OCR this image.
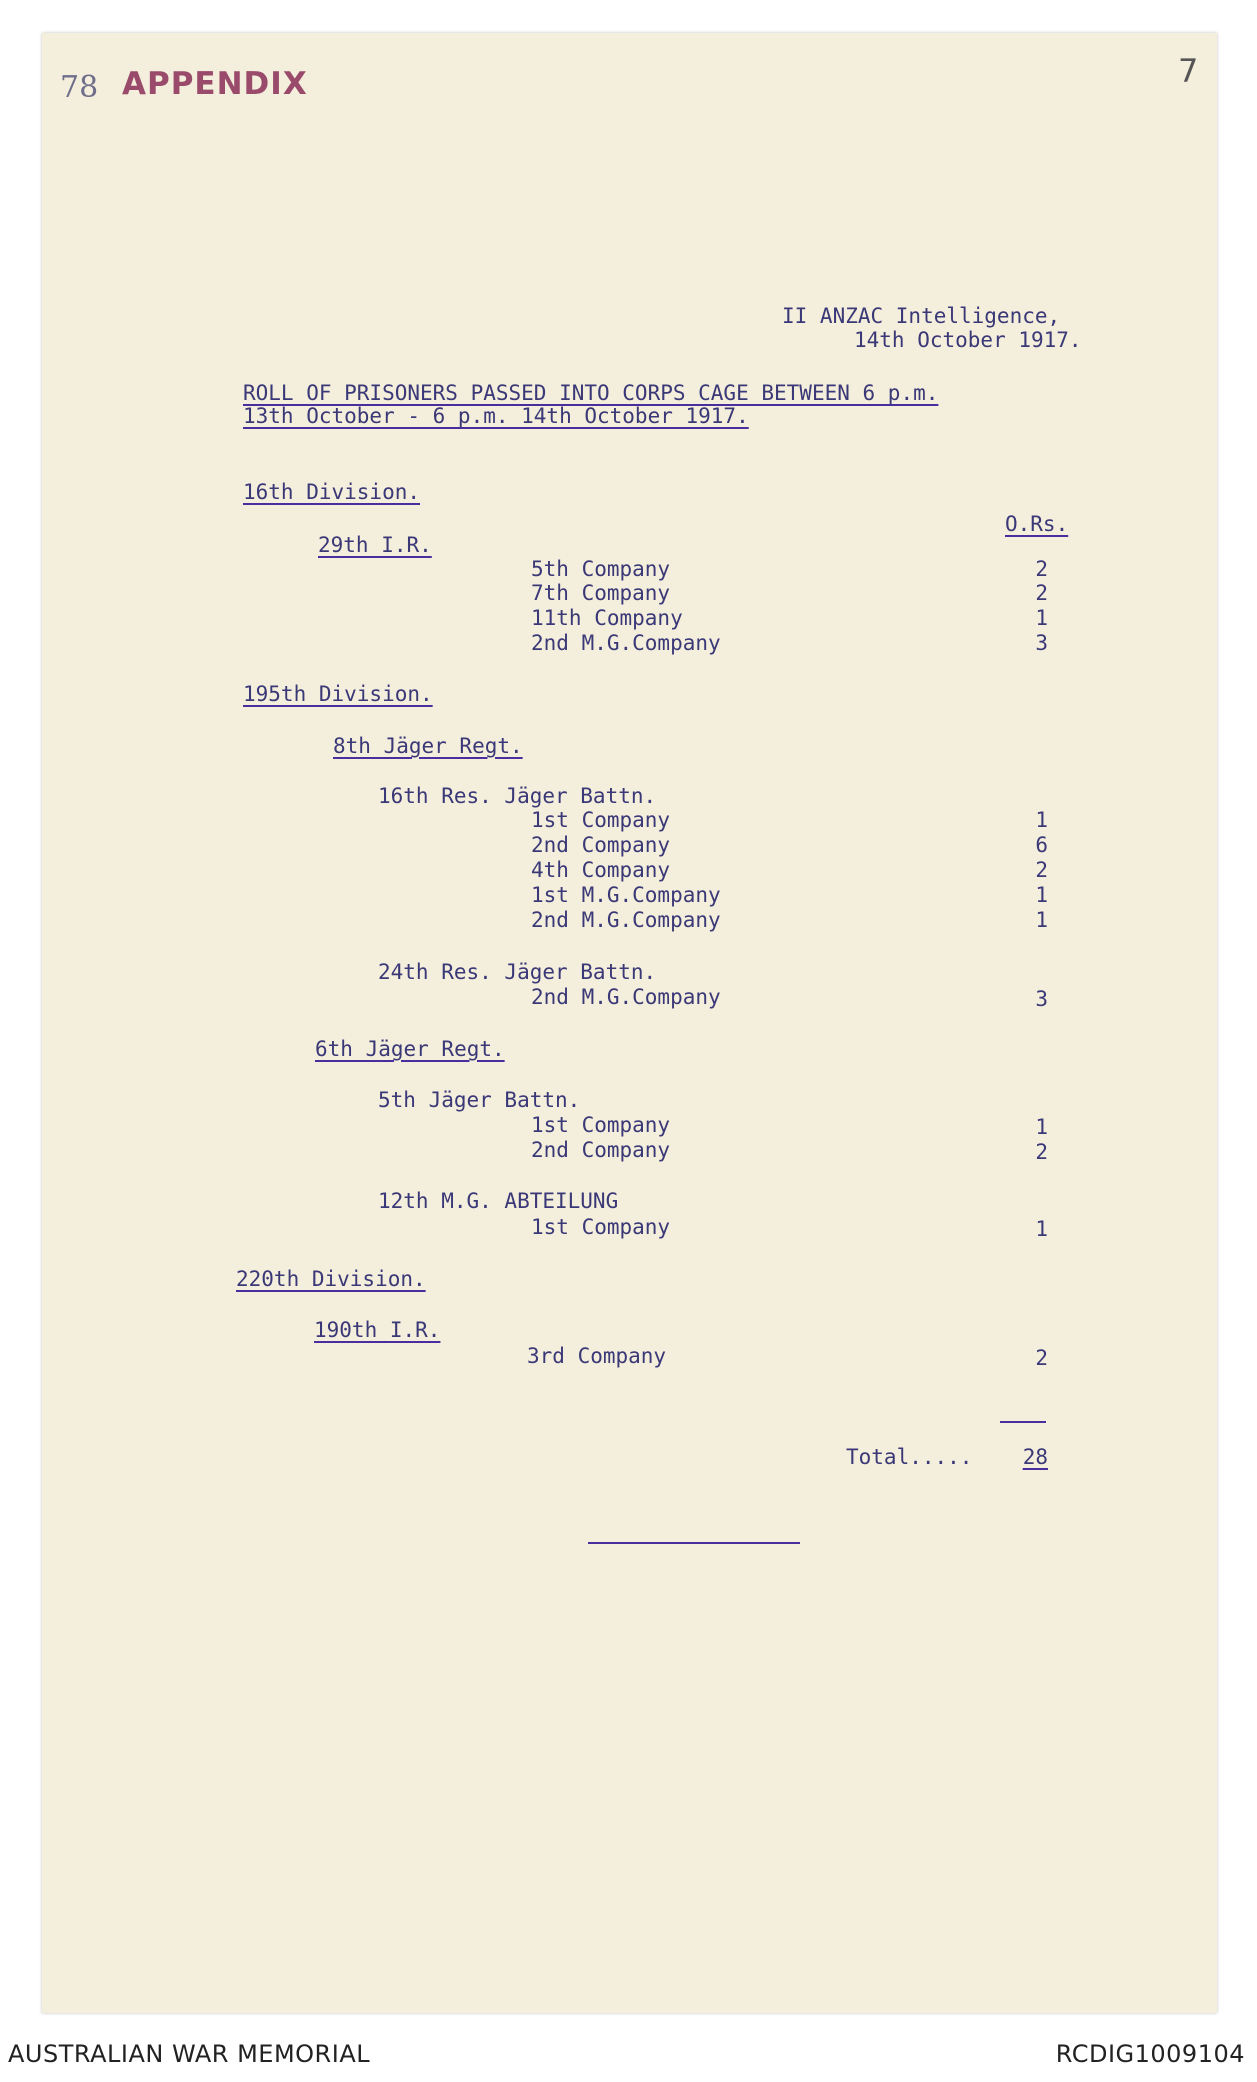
78 APPENDIX	7
II ANZAC Intelligence,
14th October 1917.
ROLL OF PRISONERS PASSED INTO CORPS CAGE BETWEEN 6 p.m.
13th October - 6 p.m. 14th October 1917.
16th Division.
O.Rs.
29th I.R.
5th Company	2
7th Company	2
11th Company	1
2nd M.G.Company	3
195th Division.
8th Jäger Regt.
16th Res. Jäger Battn.
1st Company	1
2nd Company	6
4th Company	2
1st M.G.Company	1
2nd M.G.Company	1
24th Res. Jäger Battn.
2nd M.G.Company	3
6th Jäger Regt.
5th Jäger Battn.
1st Company	1
2nd Company	2
12th M.G. ABTEILUNG
1st Company	1
220th Division.
190th I.R.
3rd Company	2
Total.....	28
AUSTRALIAN WAR MEMORIAL	RCDIG1009104
